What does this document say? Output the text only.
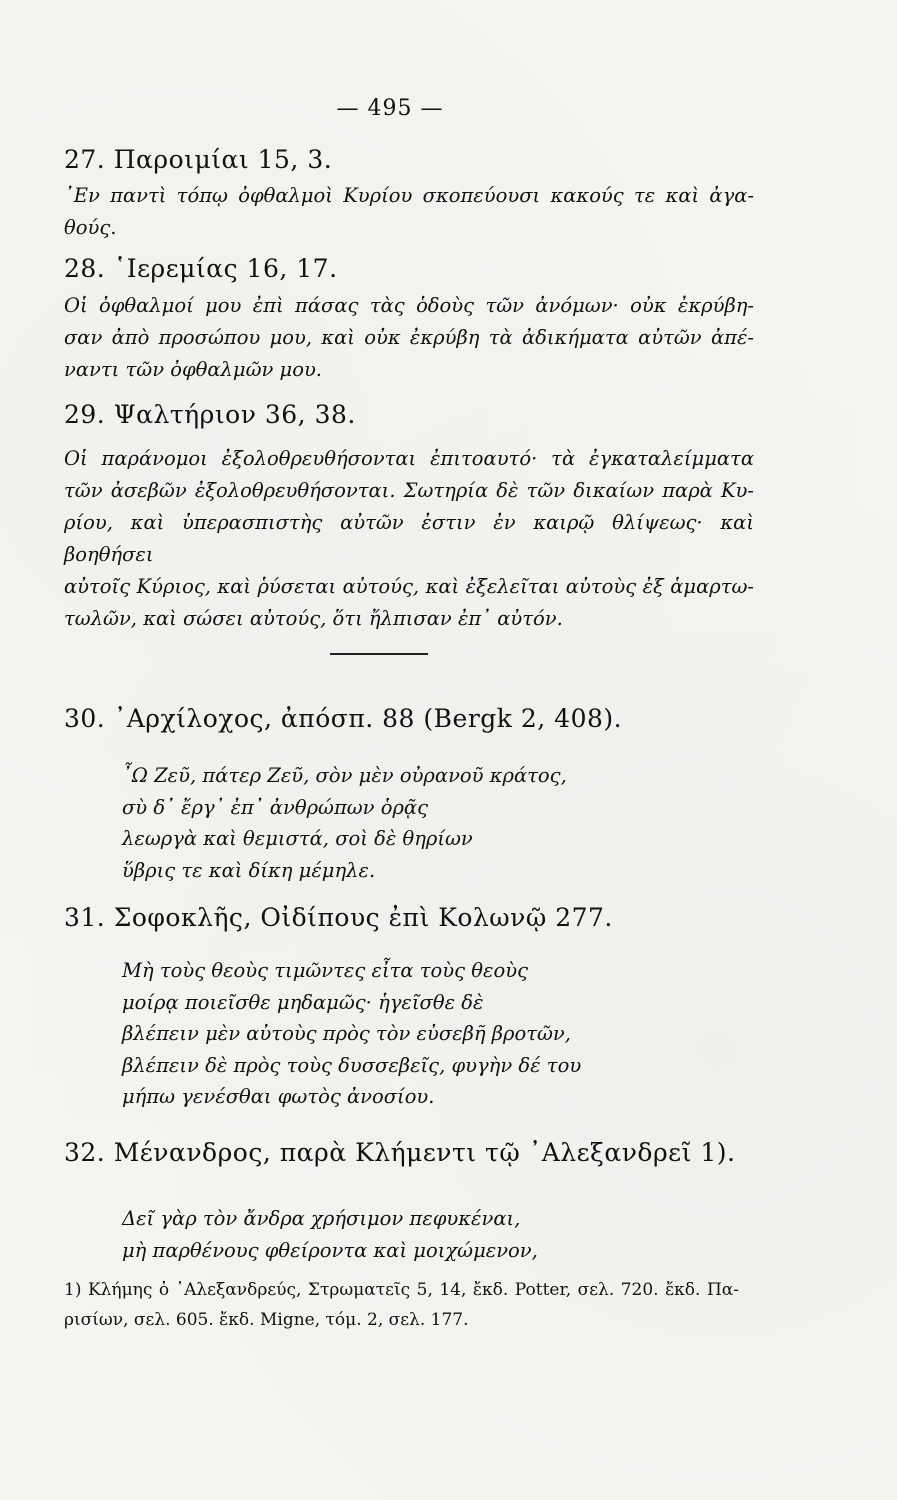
— 495 —
27. Παροιμίαι 15, 3.
᾿Εν παντὶ τόπῳ ὀφθαλμοὶ Κυρίου σκοπεύουσι κακούς τε καὶ ἀγα-
θούς.
28. ῾Ιερεμίας 16, 17.
Οἱ ὀφθαλμοί μου ἐπὶ πάσας τὰς ὁδοὺς τῶν ἀνόμων· οὐκ ἐκρύβη-
σαν ἀπὸ προσώπου μου, καὶ οὐκ ἐκρύβη τὰ ἀδικήματα αὐτῶν ἀπέ-
ναντι τῶν ὀφθαλμῶν μου.
29. Ψαλτήριον 36, 38.
Οἱ παράνομοι ἐξολοθρευθήσονται ἐπιτοαυτό· τὰ ἐγκαταλείμματα
τῶν ἀσεβῶν ἐξολοθρευθήσονται. Σωτηρία δὲ τῶν δικαίων παρὰ Κυ-
ρίου, καὶ ὑπερασπιστὴς αὐτῶν ἐστιν ἐν καιρῷ θλίψεως· καὶ βοηθήσει
αὐτοῖς Κύριος, καὶ ῥύσεται αὐτούς, καὶ ἐξελεῖται αὐτοὺς ἐξ ἁμαρτω-
τωλῶν, καὶ σώσει αὐτούς, ὅτι ἤλπισαν ἐπ᾽ αὐτόν.
30. ᾿Αρχίλοχος, ἀπόσπ. 88 (Bergk 2, 408).
῏Ω Ζεῦ, πάτερ Ζεῦ, σὸν μὲν οὐρανοῦ κράτος,
σὺ δ᾽ ἔργ᾽ ἐπ᾽ ἀνθρώπων ὁρᾷς
λεωργὰ καὶ θεμιστά, σοὶ δὲ θηρίων
ὕβρις τε καὶ δίκη μέμηλε.
31. Σοφοκλῆς, Οἰδίπους ἐπὶ Κολωνῷ 277.
Μὴ τοὺς θεοὺς τιμῶντες εἶτα τοὺς θεοὺς
μοίρᾳ ποιεῖσθε μηδαμῶς· ἡγεῖσθε δὲ
βλέπειν μὲν αὐτοὺς πρὸς τὸν εὐσεβῆ βροτῶν,
βλέπειν δὲ πρὸς τοὺς δυσσεβεῖς, φυγὴν δέ του
μήπω γενέσθαι φωτὸς ἀνοσίου.
32. Μένανδρος, παρὰ Κλήμεντι τῷ ᾿Αλεξανδρεῖ 1).
Δεῖ γὰρ τὸν ἄνδρα χρήσιμον πεφυκέναι,
μὴ παρθένους φθείροντα καὶ μοιχώμενον,
1) Κλήμης ὁ ᾿Αλεξανδρεύς, Στρωματεῖς 5, 14, ἔκδ. Potter, σελ. 720. ἔκδ. Πα-
ρισίων, σελ. 605. ἔκδ. Migne, τόμ. 2, σελ. 177.
